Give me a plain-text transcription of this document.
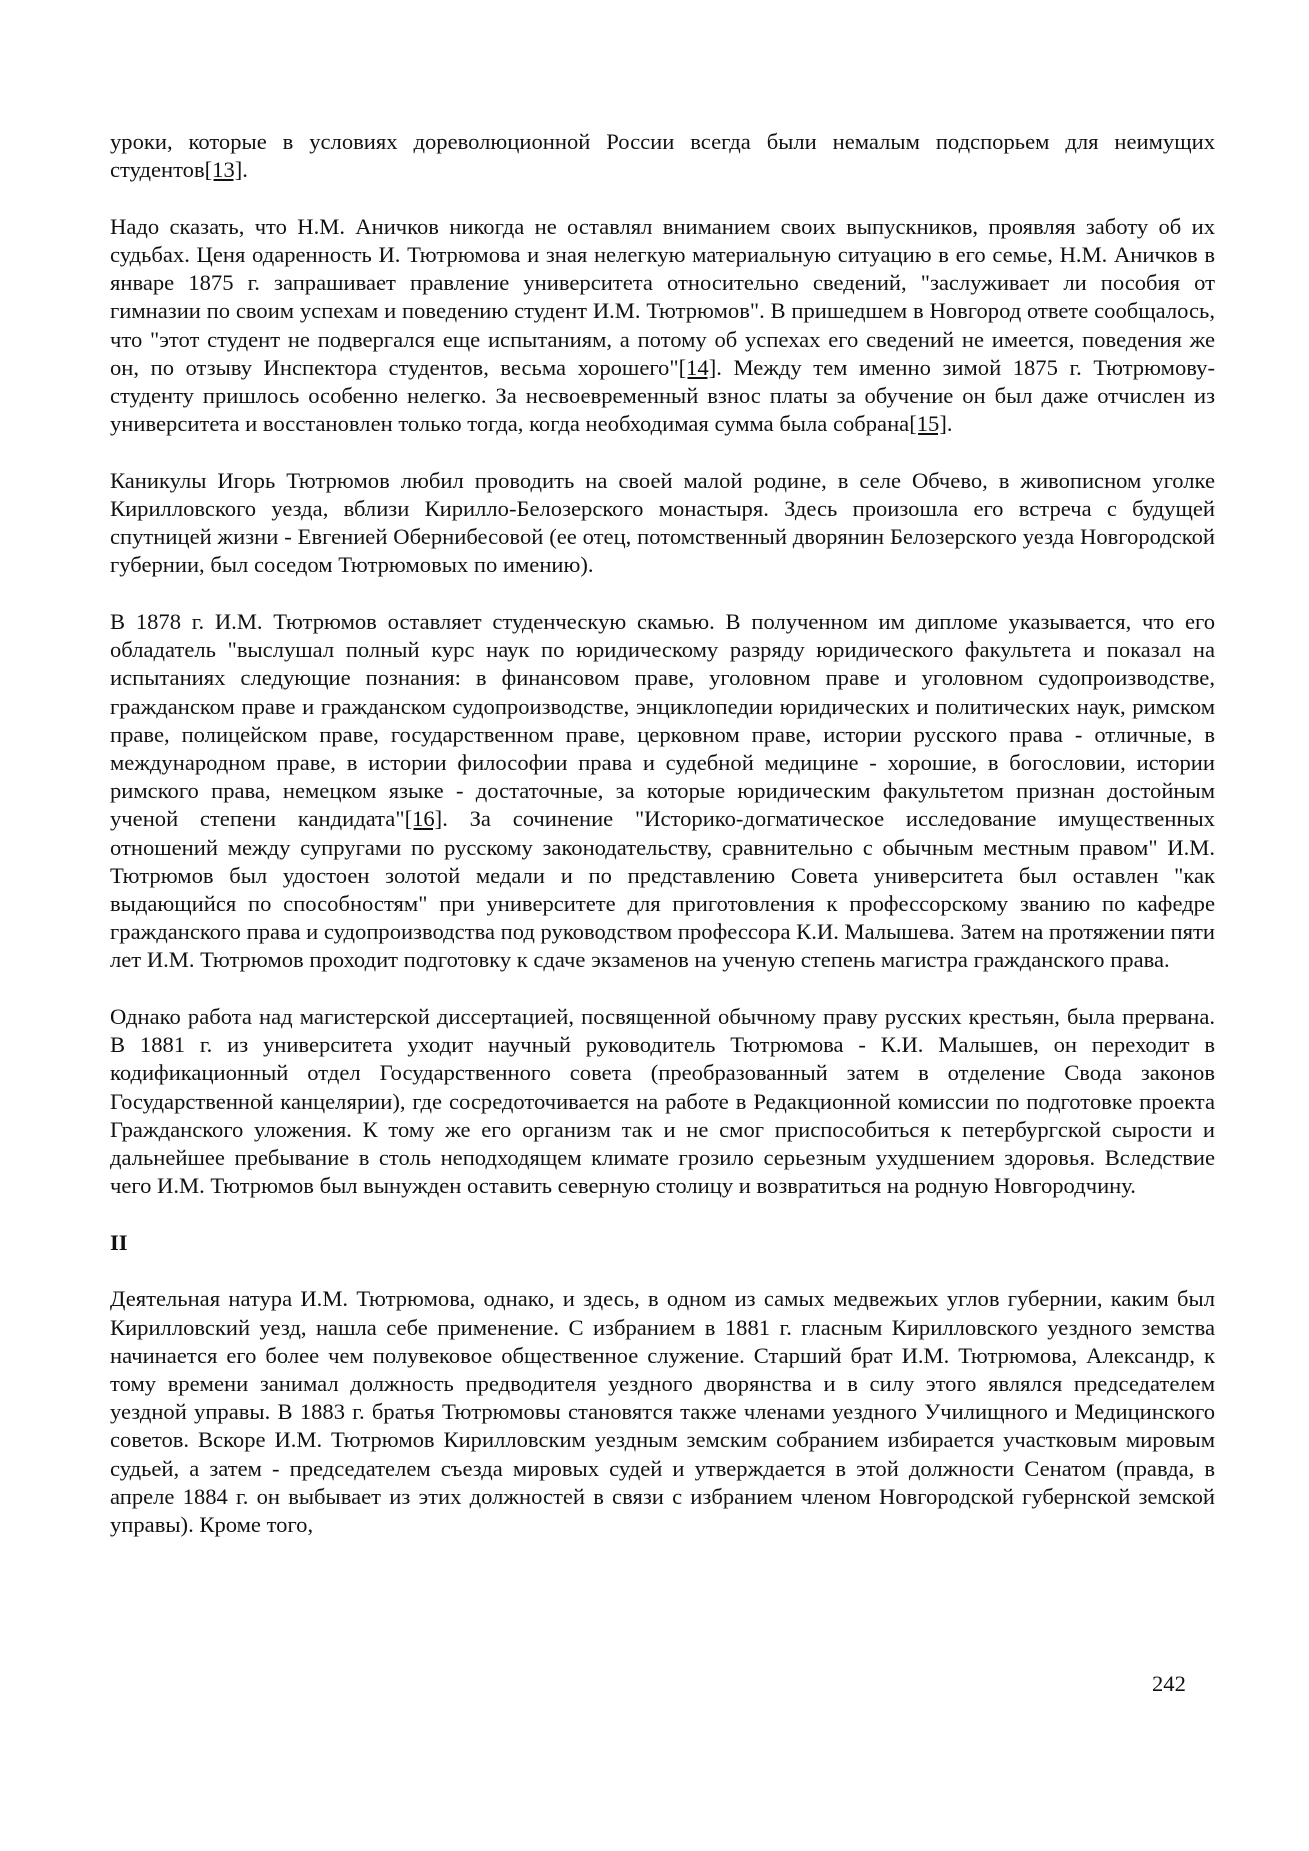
уроки, которые в условиях дореволюционной России всегда были немалым подспорьем для неимущих студентов[13].

Надо сказать, что Н.М. Аничков никогда не оставлял вниманием своих выпускников, проявляя заботу об их судьбах. Ценя одаренность И. Тютрюмова и зная нелегкую материальную ситуацию в его семье, Н.М. Аничков в январе 1875 г. запрашивает правление университета относительно сведений, "заслуживает ли пособия от гимназии по своим успехам и поведению студент И.М. Тютрюмов". В пришедшем в Новгород ответе сообщалось, что "этот студент не подвергался еще испытаниям, а потому об успехах его сведений не имеется, поведения же он, по отзыву Инспектора студентов, весьма хорошего"[14]. Между тем именно зимой 1875 г. Тютрюмову-студенту пришлось особенно нелегко. За несвоевременный взнос платы за обучение он был даже отчислен из университета и восстановлен только тогда, когда необходимая сумма была собрана[15].

Каникулы Игорь Тютрюмов любил проводить на своей малой родине, в селе Обчево, в живописном уголке Кирилловского уезда, вблизи Кирилло-Белозерского монастыря. Здесь произошла его встреча с будущей спутницей жизни - Евгенией Обернибесовой (ее отец, потомственный дворянин Белозерского уезда Новгородской губернии, был соседом Тютрюмовых по имению).

В 1878 г. И.М. Тютрюмов оставляет студенческую скамью. В полученном им дипломе указывается, что его обладатель "выслушал полный курс наук по юридическому разряду юридического факультета и показал на испытаниях следующие познания: в финансовом праве, уголовном праве и уголовном судопроизводстве, гражданском праве и гражданском судопроизводстве, энциклопедии юридических и политических наук, римском праве, полицейском праве, государственном праве, церковном праве, истории русского права - отличные, в международном праве, в истории философии права и судебной медицине - хорошие, в богословии, истории римского права, немецком языке - достаточные, за которые юридическим факультетом признан достойным ученой степени кандидата"[16]. За сочинение "Историко-догматическое исследование имущественных отношений между супругами по русскому законодательству, сравнительно с обычным местным правом" И.М. Тютрюмов был удостоен золотой медали и по представлению Совета университета был оставлен "как выдающийся по способностям" при университете для приготовления к профессорскому званию по кафедре гражданского права и судопроизводства под руководством профессора К.И. Малышева. Затем на протяжении пяти лет И.М. Тютрюмов проходит подготовку к сдаче экзаменов на ученую степень магистра гражданского права.

Однако работа над магистерской диссертацией, посвященной обычному праву русских крестьян, была прервана. В 1881 г. из университета уходит научный руководитель Тютрюмова - К.И. Малышев, он переходит в кодификационный отдел Государственного совета (преобразованный затем в отделение Свода законов Государственной канцелярии), где сосредоточивается на работе в Редакционной комиссии по подготовке проекта Гражданского уложения. К тому же его организм так и не смог приспособиться к петербургской сырости и дальнейшее пребывание в столь неподходящем климате грозило серьезным ухудшением здоровья. Вследствие чего И.М. Тютрюмов был вынужден оставить северную столицу и возвратиться на родную Новгородчину.

II

Деятельная натура И.М. Тютрюмова, однако, и здесь, в одном из самых медвежьих углов губернии, каким был Кирилловский уезд, нашла себе применение. С избранием в 1881 г. гласным Кирилловского уездного земства начинается его более чем полувековое общественное служение. Старший брат И.М. Тютрюмова, Александр, к тому времени занимал должность предводителя уездного дворянства и в силу этого являлся председателем уездной управы. В 1883 г. братья Тютрюмовы становятся также членами уездного Училищного и Медицинского советов. Вскоре И.М. Тютрюмов Кирилловским уездным земским собранием избирается участковым мировым судьей, а затем - председателем съезда мировых судей и утверждается в этой должности Сенатом (правда, в апреле 1884 г. он выбывает из этих должностей в связи с избранием членом Новгородской губернской земской управы). Кроме того,

242
